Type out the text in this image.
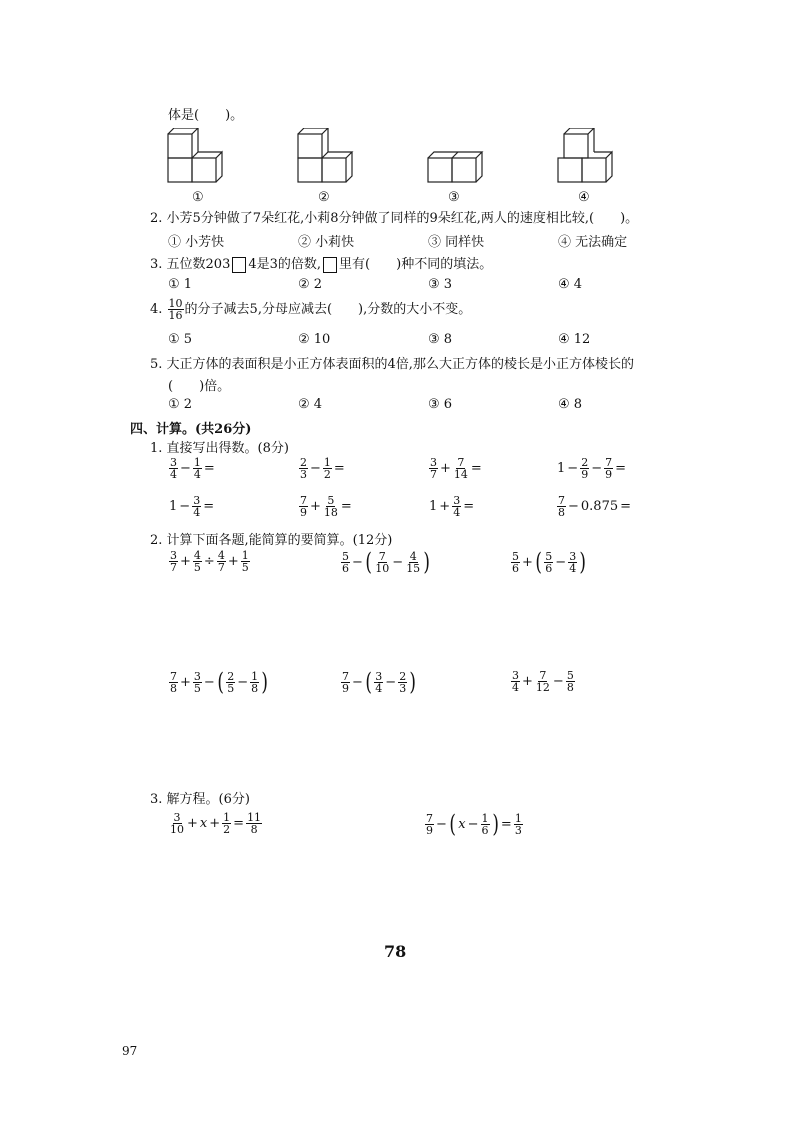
体是(　　)。
①	②	③	④
2. 小芳5分钟做了7朵红花,小莉8分钟做了同样的9朵红花,两人的速度相比较,(　　)。
① 小芳快	② 小莉快	③ 同样快	④ 无法确定
3. 五位数203 4是3的倍数, 里有(　　)种不同的填法。
① 1	② 2	③ 3	④ 4
4. $\frac{10}{16}$ 的分子减去5,分母应减去(　　),分数的大小不变。
① 5	② 10	③ 8	④ 12
5. 大正方体的表面积是小正方体表面积的4倍,那么大正方体的棱长是小正方体棱长的
(　　)倍。
① 2	② 4	③ 6	④ 8
四、计算。(共26分)
1. 直接写出得数。(8分)
$\frac{3}{4} - \frac{1}{4}$ =	$\frac{2}{3} - \frac{1}{2}$ =	$\frac{3}{7} + \frac{7}{14}$ =	$1 - \frac{2}{9} - \frac{7}{9}$ =
$1 - \frac{3}{4}$ =	$\frac{7}{9} + \frac{5}{18}$ =	$1 + \frac{3}{4}$ =	$\frac{7}{8} - 0.875$ =
2. 计算下面各题,能简算的要简算。(12分)
$\frac{3}{7} + \frac{4}{5} \div \frac{4}{7} + \frac{1}{5}$	$\frac{5}{6}$ − ( $\frac{7}{10} - \frac{4}{15}$ )	$\frac{5}{6}$ + ( $\frac{5}{6} - \frac{3}{4}$ )
$\frac{7}{8} + \frac{3}{5}$ − ( $\frac{2}{5} - \frac{1}{8}$ )	$\frac{7}{9}$ − ( $\frac{3}{4} - \frac{2}{3}$ )	$\frac{3}{4} + \frac{7}{12} - \frac{5}{8}$
3. 解方程。(6分)
$\frac{3}{10} + x + \frac{1}{2} = \frac{11}{8}$	$\frac{7}{9}$ − ( $x - \frac{1}{6}$ ) = $\frac{1}{3}$
78
97
